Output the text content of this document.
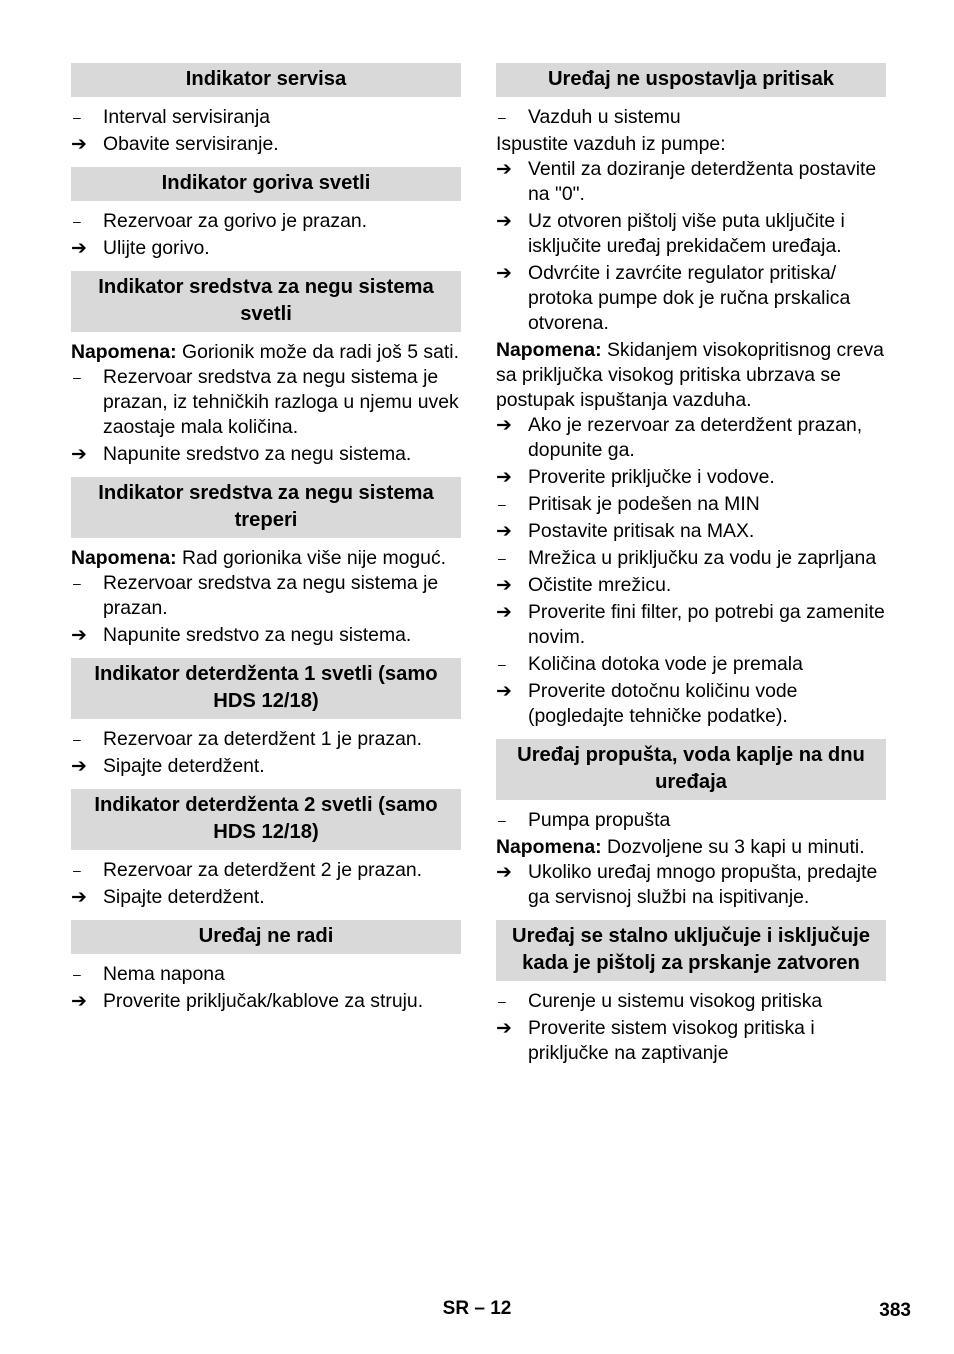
Indikator servisa
–	Interval servisiranja
➔ Obavite servisiranje.
Indikator goriva svetli
–	Rezervoar za gorivo je prazan.
➔ Ulijte gorivo.
Indikator sredstva za negu sistema svetli
Napomena: Gorionik može da radi još 5 sati.
–	Rezervoar sredstva za negu sistema je prazan, iz tehničkih razloga u njemu uvek zaostaje mala količina.
➔ Napunite sredstvo za negu sistema.
Indikator sredstva za negu sistema treperi
Napomena: Rad gorionika više nije moguć.
–	Rezervoar sredstva za negu sistema je prazan.
➔ Napunite sredstvo za negu sistema.
Indikator deterdženta 1 svetli (samo HDS 12/18)
–	Rezervoar za deterdžent 1 je prazan.
➔ Sipajte deterdžent.
Indikator deterdženta 2 svetli (samo HDS 12/18)
–	Rezervoar za deterdžent 2 je prazan.
➔ Sipajte deterdžent.
Uređaj ne radi
–	Nema napona
➔ Proverite priključak/kablove za struju.
Uređaj ne uspostavlja pritisak
–	Vazduh u sistemu
Ispustite vazduh iz pumpe:
➔ Ventil za doziranje deterdženta postavite na "0".
➔ Uz otvoren pištolj više puta uključite i isključite uređaj prekidačem uređaja.
➔ Odvrćite i zavrćite regulator pritiska/ protoka pumpe dok je ručna prskalica otvorena.
Napomena: Skidanjem visokopritisnog creva sa priključka visokog pritiska ubrzava se postupak ispuštanja vazduha.
➔ Ako je rezervoar za deterdžent prazan, dopunite ga.
➔ Proverite priključke i vodove.
–	Pritisak je podešen na MIN
➔ Postavite pritisak na MAX.
–	Mrežica u priključku za vodu je zaprljana
➔ Očistite mrežicu.
➔ Proverite fini filter, po potrebi ga zamenite novim.
–	Količina dotoka vode je premala
➔ Proverite dotočnu količinu vode (pogledajte tehničke podatke).
Uređaj propušta, voda kaplje na dnu uređaja
–	Pumpa propušta
Napomena: Dozvoljene su 3 kapi u minuti.
➔ Ukoliko uređaj mnogo propušta, predajte ga servisnoj službi na ispitivanje.
Uređaj se stalno uključuje i isključuje kada je pištolj za prskanje zatvoren
–	Curenje u sistemu visokog pritiska
➔ Proverite sistem visokog pritiska i priključke na zaptivanje
SR – 12	383
